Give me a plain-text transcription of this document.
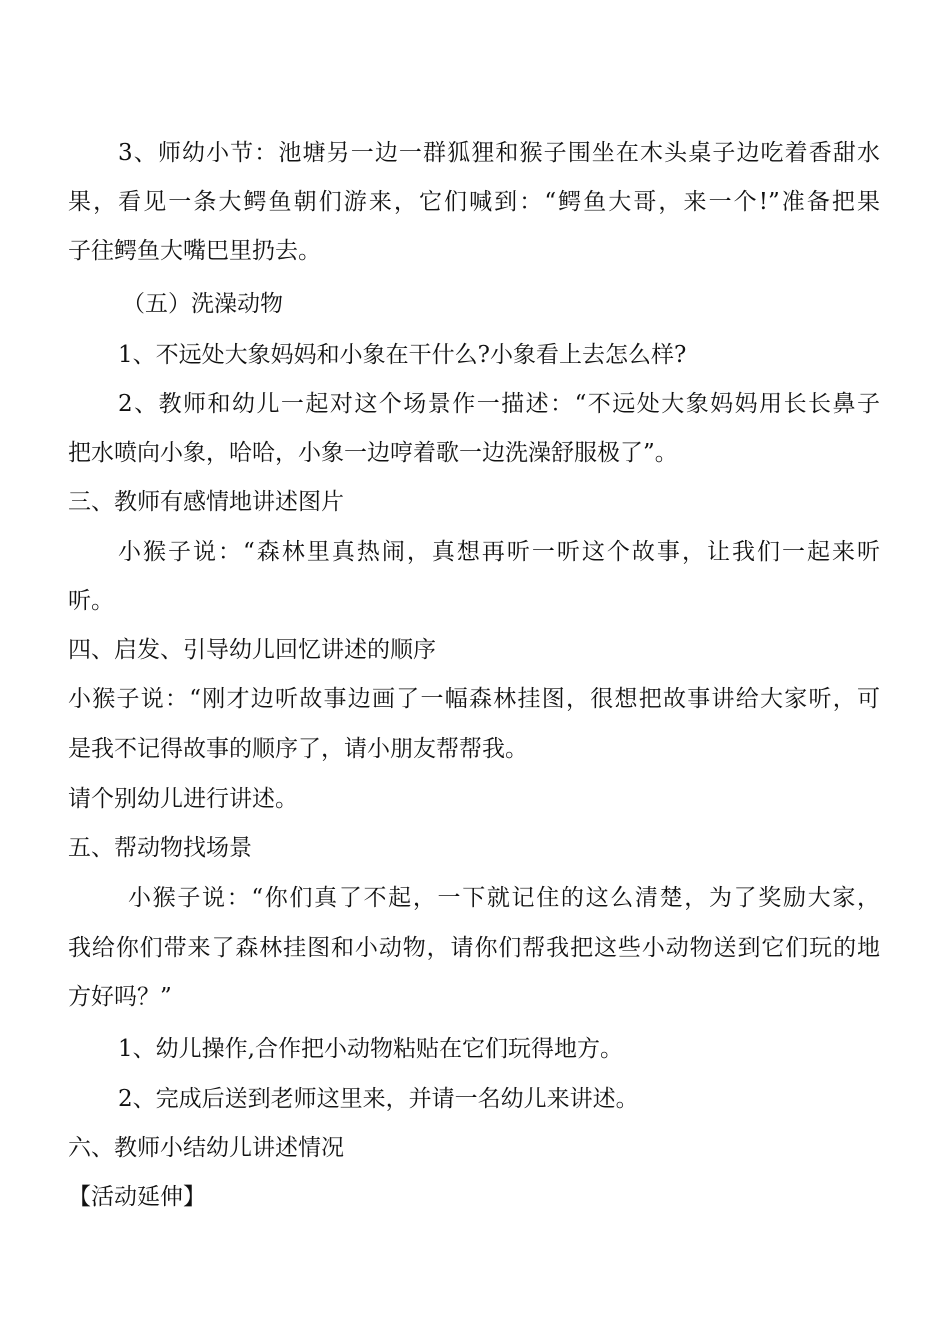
3、师幼小节：池塘另一边一群狐狸和猴子围坐在木头桌子边吃着香甜水
果，看见一条大鳄鱼朝们游来，它们喊到：“鳄鱼大哥，来一个!”准备把果
子往鳄鱼大嘴巴里扔去。
（五）洗澡动物
1、不远处大象妈妈和小象在干什么?小象看上去怎么样?
2、教师和幼儿一起对这个场景作一描述：“不远处大象妈妈用长长鼻子
把水喷向小象，哈哈，小象一边哼着歌一边洗澡舒服极了”。
三、教师有感情地讲述图片
小猴子说：“森林里真热闹，真想再听一听这个故事，让我们一起来听
听。
四、启发、引导幼儿回忆讲述的顺序
小猴子说：“刚才边听故事边画了一幅森林挂图，很想把故事讲给大家听，可
是我不记得故事的顺序了，请小朋友帮帮我。
请个别幼儿进行讲述。
五、帮动物找场景
小猴子说：“你们真了不起，一下就记住的这么清楚，为了奖励大家，
我给你们带来了森林挂图和小动物，请你们帮我把这些小动物送到它们玩的地
方好吗？”
1、幼儿操作,合作把小动物粘贴在它们玩得地方。
2、完成后送到老师这里来，并请一名幼儿来讲述。
六、教师小结幼儿讲述情况
【活动延伸】
